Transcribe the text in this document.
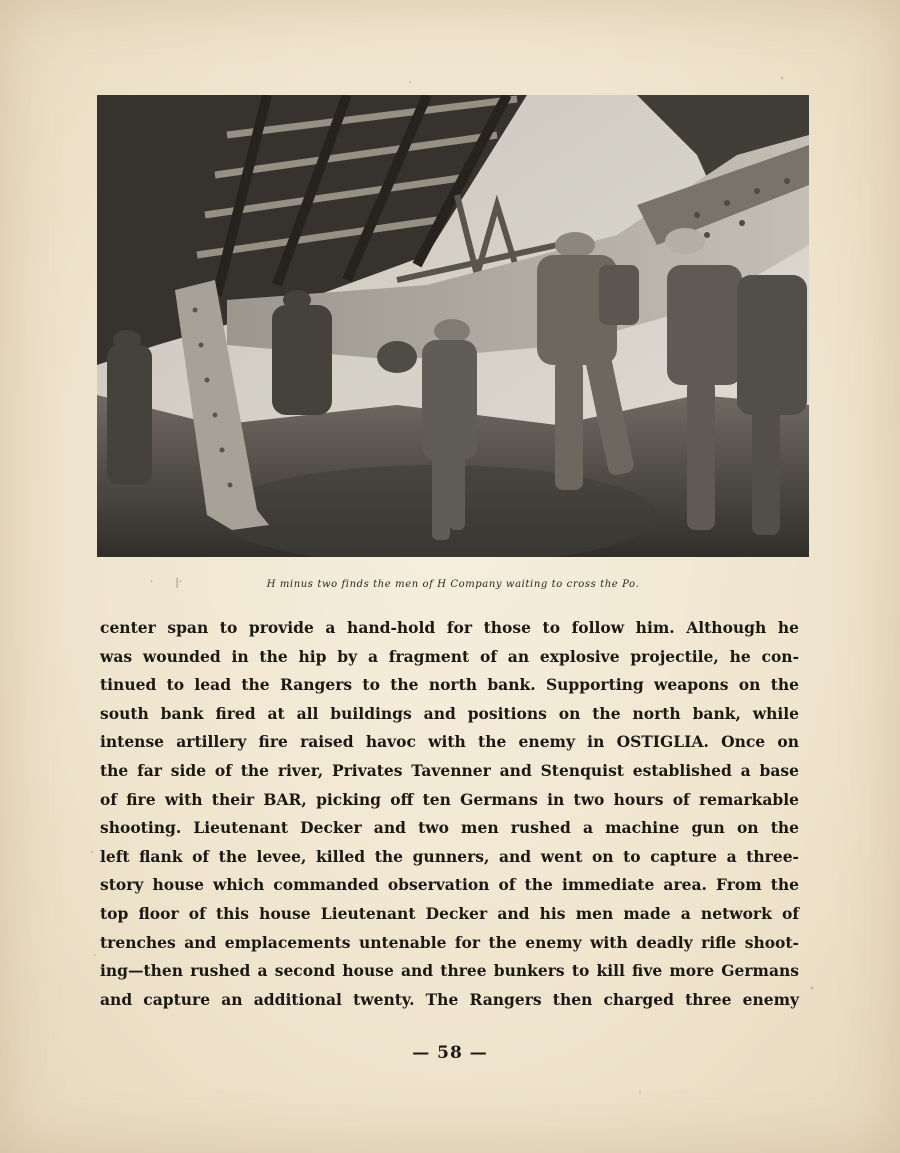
·       |·	H minus two finds the men of H Company waiting to cross the Po.
center span to provide a hand-hold for those to follow him. Although he
was wounded in the hip by a fragment of an explosive projectile, he con-
tinued to lead the Rangers to the north bank. Supporting weapons on the
south bank fired at all buildings and positions on the north bank, while
intense artillery fire raised havoc with the enemy in OSTIGLIA. Once on
the far side of the river, Privates Tavenner and Stenquist established a base
of fire with their BAR, picking off ten Germans in two hours of remarkable
shooting. Lieutenant Decker and two men rushed a machine gun on the
left flank of the levee, killed the gunners, and went on to capture a three-
story house which commanded observation of the immediate area. From the
top floor of this house Lieutenant Decker and his men made a network of
trenches and emplacements untenable for the enemy with deadly rifle shoot-
ing—then rushed a second house and three bunkers to kill five more Germans
and capture an additional twenty. The Rangers then charged three enemy
— 58 —
